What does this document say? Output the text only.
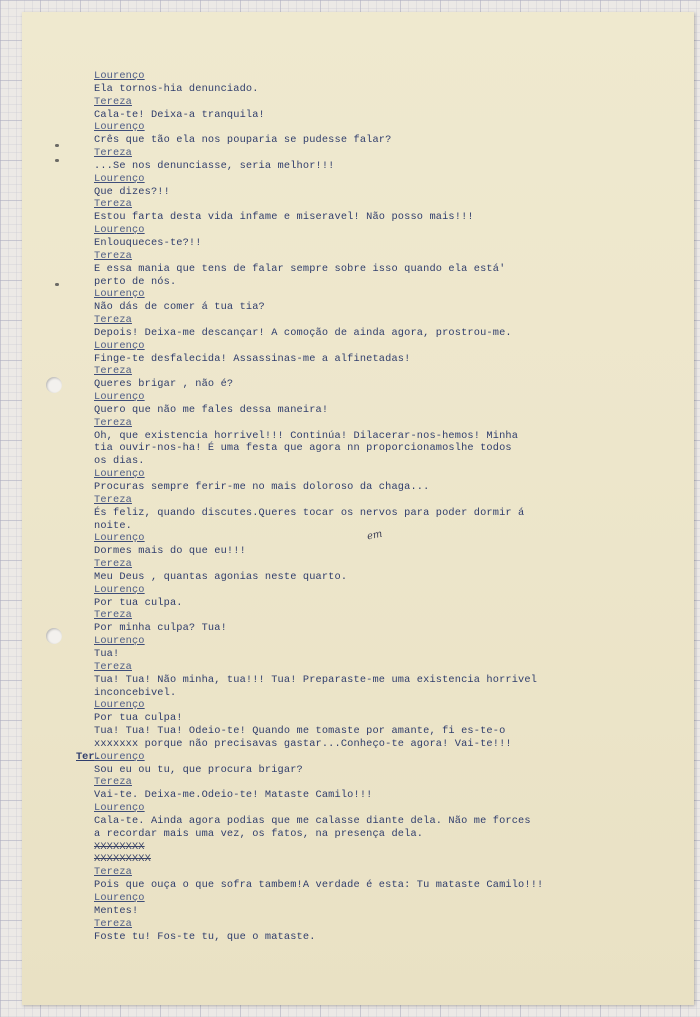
Ter.
em
Lourenço
Ela tornos-hia denunciado.
Tereza
Cala-te! Deixa-a tranquila!
Lourenço
Crês que tão ela nos pouparia se pudesse falar?
Tereza
...Se nos denunciasse, seria melhor!!!
Lourenço
Que dizes?!!
Tereza
Estou farta desta vida infame e miseravel! Não posso mais!!!
Lourenço
Enlouqueces-te?!!
Tereza
E essa mania que tens de falar sempre sobre isso quando ela está'
perto de nós.
Lourenço
Não dás de comer á tua tia?
Tereza
Depois! Deixa-me descançar! A comoção de ainda agora, prostrou-me.
Lourenço
Finge-te desfalecida! Assassinas-me a alfinetadas!
Tereza
Queres brigar , não é?
Lourenço
Quero que não me fales dessa maneira!
Tereza
Oh, que existencia horrivel!!! Continúa! Dilacerar-nos-hemos! Minha
tia ouvir-nos-ha! É uma festa que agora nn proporcionamoslhe todos
os dias.
Lourenço
Procuras sempre ferir-me no mais doloroso da chaga...
Tereza
És feliz, quando discutes.Queres tocar os nervos para poder dormir á
noite.
Lourenço
Dormes mais do que eu!!!
Tereza
Meu Deus , quantas agonias neste quarto.
Lourenço
Por tua culpa.
Tereza
Por minha culpa? Tua!
Lourenço
Tua!
Tereza
Tua! Tua! Não minha, tua!!! Tua! Preparaste-me uma existencia horrivel
inconcebivel.
Lourenço
Por tua culpa!
Tua! Tua! Tua! Odeio-te! Quando me tomaste por amante, fi es-te-o
xxxxxxx porque não precisavas gastar...Conheço-te agora! Vai-te!!!
Lourenço
Sou eu ou tu, que procura brigar?
Tereza
Vai-te. Deixa-me.Odeio-te! Mataste Camilo!!!
Lourenço
Cala-te. Ainda agora podias que me calasse diante dela. Não me forces
a recordar mais uma vez, os fatos, na presença dela.
XXXXXXXX
XXXXXXXXX
Tereza
Pois que ouça o que sofra tambem!A verdade é esta: Tu mataste Camilo!!!
Lourenço
Mentes!
Tereza
Foste tu! Fos-te tu, que o mataste.
